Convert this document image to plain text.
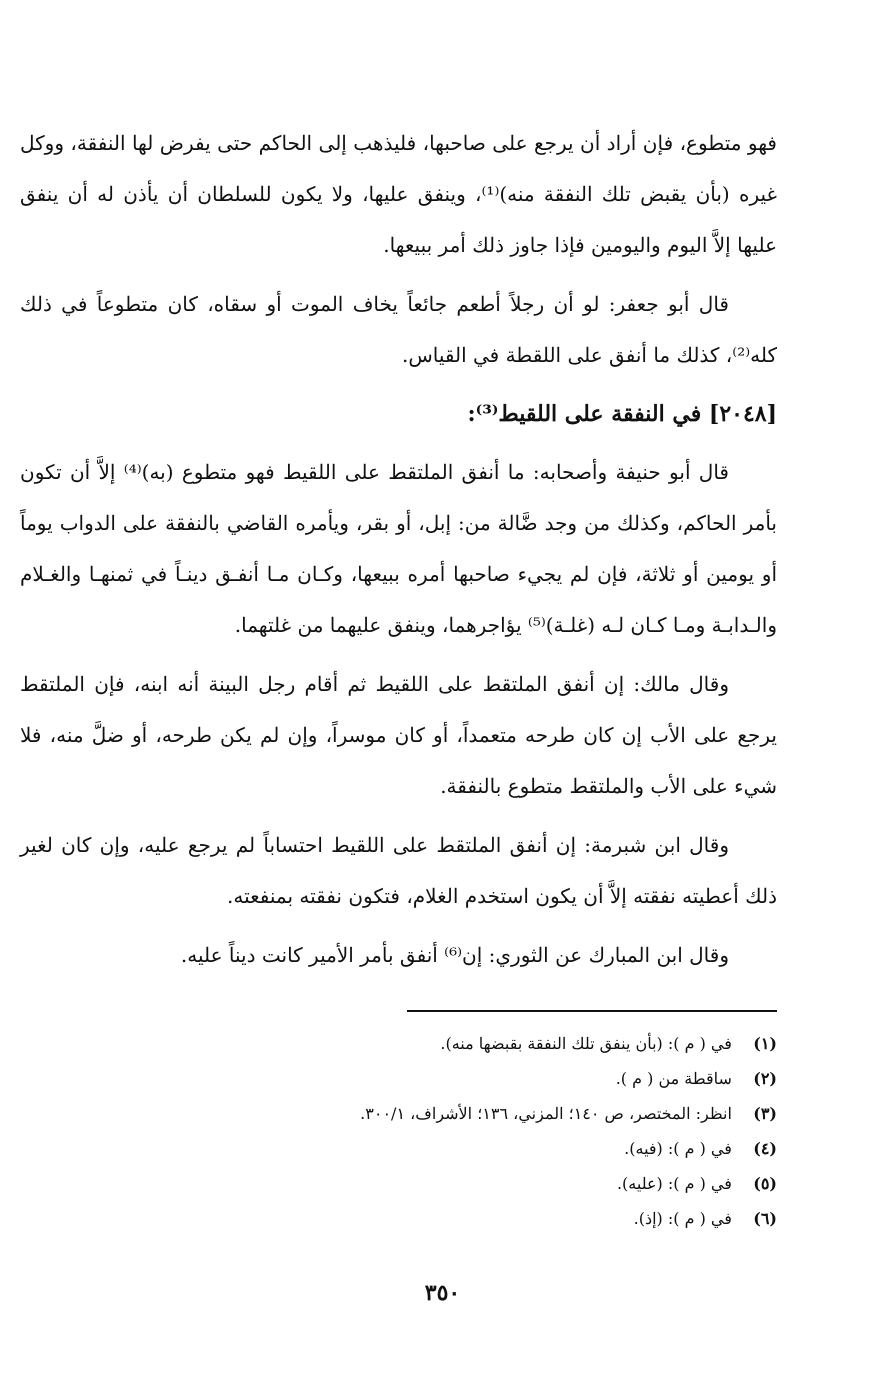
فهو متطوع، فإن أراد أن يرجع على صاحبها، فليذهب إلى الحاكم حتى يفرض لها النفقة، ووكل غيره (بأن يقبض تلك النفقة منه)⁽¹⁾، وينفق عليها، ولا يكون للسلطان أن يأذن له أن ينفق عليها إلاَّ اليوم واليومين فإذا جاوز ذلك أمر ببيعها.

قال أبو جعفر: لو أن رجلاً أطعم جائعاً يخاف الموت أو سقاه، كان متطوعاً في ذلك كله⁽²⁾، كذلك ما أنفق على اللقطة في القياس.

[٢٠٤٨] في النفقة على اللقيط⁽³⁾:

قال أبو حنيفة وأصحابه: ما أنفق الملتقط على اللقيط فهو متطوع (به)⁽⁴⁾ إلاَّ أن تكون بأمر الحاكم، وكذلك من وجد ضَّالة من: إبل، أو بقر، ويأمره القاضي بالنفقة على الدواب يوماً أو يومين أو ثلاثة، فإن لم يجيء صاحبها أمره ببيعها، وكـان مـا أنفـق دينـاً في ثمنهـا والغـلام والـدابـة ومـا كـان لـه (غلـة)⁽⁵⁾ يؤاجرهما، وينفق عليهما من غلتهما.

وقال مالك: إن أنفق الملتقط على اللقيط ثم أقام رجل البينة أنه ابنه، فإن الملتقط يرجع على الأب إن كان طرحه متعمداً، أو كان موسراً، وإن لم يكن طرحه، أو ضلَّ منه، فلا شيء على الأب والملتقط متطوع بالنفقة.

وقال ابن شبرمة: إن أنفق الملتقط على اللقيط احتساباً لم يرجع عليه، وإن كان لغير ذلك أعطيته نفقته إلاَّ أن يكون استخدم الغلام، فتكون نفقته بمنفعته.

وقال ابن المبارك عن الثوري: إن⁽⁶⁾ أنفق بأمر الأمير كانت ديناً عليه.

(١) في ( م ): (بأن ينفق تلك النفقة بقبضها منه).
(٢) ساقطة من ( م ).
(٣) انظر: المختصر، ص ١٤٠؛ المزني، ١٣٦؛ الأشراف، ٣٠٠/١.
(٤) في ( م ): (فيه).
(٥) في ( م ): (عليه).
(٦) في ( م ): (إذ).
٣٥٠
